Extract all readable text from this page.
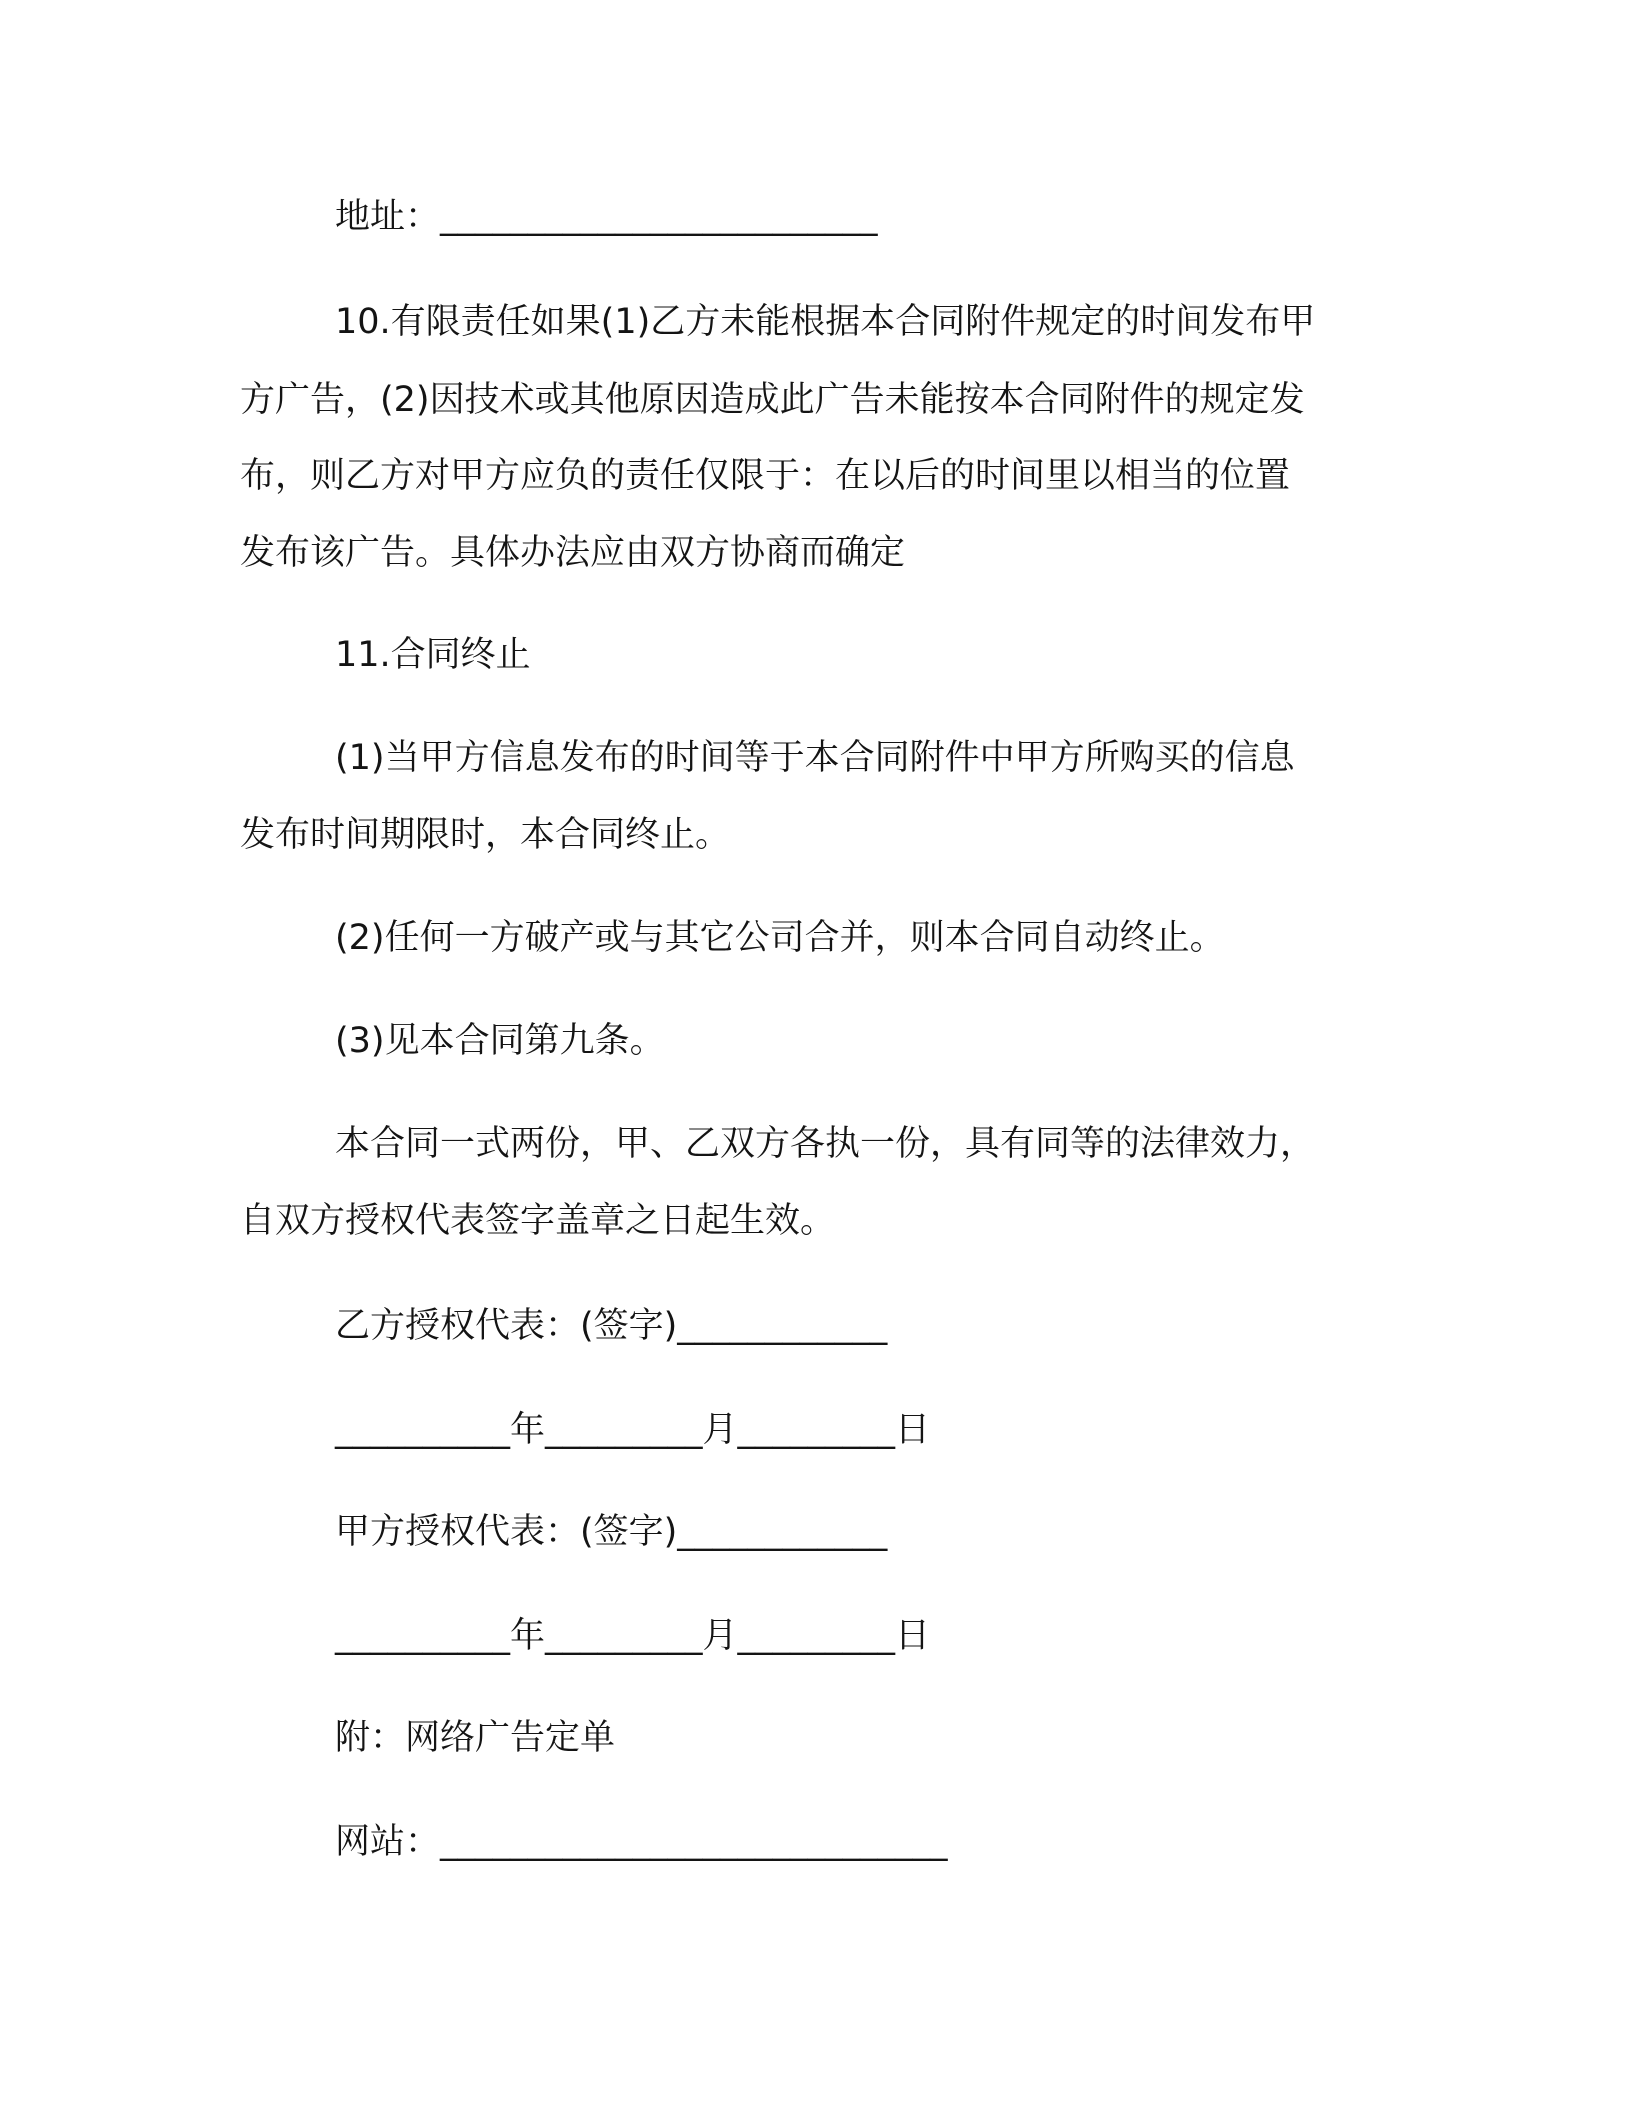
地址：_________________________
10.有限责任如果(1)乙方未能根据本合同附件规定的时间发布甲
方广告，(2)因技术或其他原因造成此广告未能按本合同附件的规定发
布，则乙方对甲方应负的责任仅限于：在以后的时间里以相当的位置
发布该广告。具体办法应由双方协商而确定
11.合同终止
(1)当甲方信息发布的时间等于本合同附件中甲方所购买的信息
发布时间期限时，本合同终止。
(2)任何一方破产或与其它公司合并，则本合同自动终止。
(3)见本合同第九条。
本合同一式两份，甲、乙双方各执一份，具有同等的法律效力，
自双方授权代表签字盖章之日起生效。
乙方授权代表：(签字)____________
__________年_________月_________日
甲方授权代表：(签字)____________
__________年_________月_________日
附：网络广告定单
网站：_____________________________
